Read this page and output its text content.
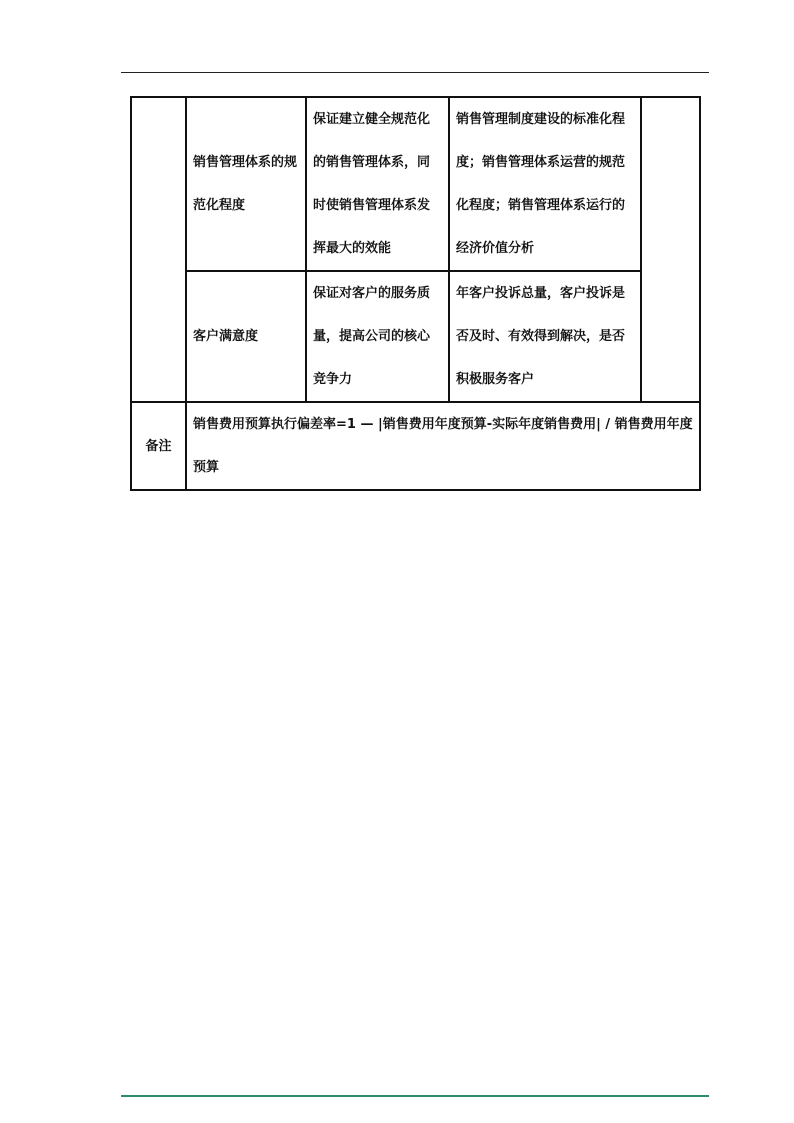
	销售管理体系的规范化程度	保证建立健全规范化的销售管理体系，同时使销售管理体系发挥最大的效能	销售管理制度建设的标准化程度；销售管理体系运营的规范化程度；销售管理体系运行的经济价值分析	
	客户满意度	保证对客户的服务质量，提高公司的核心竞争力	年客户投诉总量，客户投诉是否及时、有效得到解决，是否积极服务客户	
备注	销售费用预算执行偏差率=1 — |销售费用年度预算-实际年度销售费用| / 销售费用年度预算			
